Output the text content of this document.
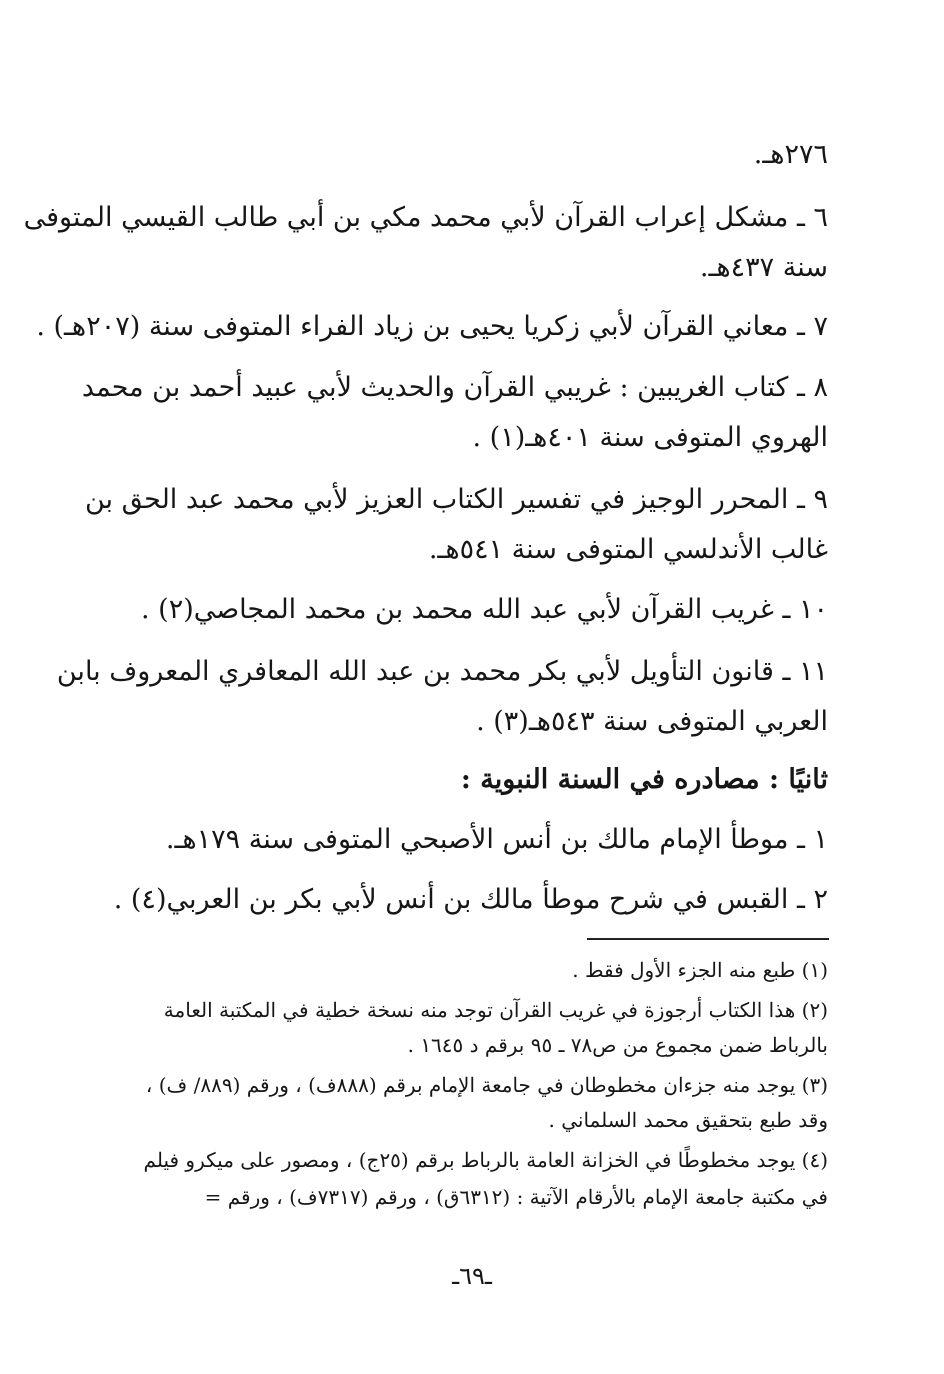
٢٧٦هـ.
٦ ـ مشكل إعراب القرآن لأبي محمد مكي بن أبي طالب القيسي المتوفى
سنة ٤٣٧هـ.
٧ ـ معاني القرآن لأبي زكريا يحيى بن زياد الفراء المتوفى سنة (٢٠٧هـ) .
٨ ـ كتاب الغريبين : غريبي القرآن والحديث لأبي عبيد أحمد بن محمد
الهروي المتوفى سنة ٤٠١هـ(١) .
٩ ـ المحرر الوجيز في تفسير الكتاب العزيز لأبي محمد عبد الحق بن
غالب الأندلسي المتوفى سنة ٥٤١هـ.
١٠ ـ غريب القرآن لأبي عبد الله محمد بن محمد المجاصي(٢) .
١١ ـ قانون التأويل لأبي بكر محمد بن عبد الله المعافري المعروف بابن
العربي المتوفى سنة ٥٤٣هـ(٣) .
ثانيًا : مصادره في السنة النبوية :
١ ـ موطأ الإمام مالك بن أنس الأصبحي المتوفى سنة ١٧٩هـ.
٢ ـ القبس في شرح موطأ مالك بن أنس لأبي بكر بن العربي(٤) .
(١) طبع منه الجزء الأول فقط .
(٢) هذا الكتاب أرجوزة في غريب القرآن توجد منه نسخة خطية في المكتبة العامة
بالرباط ضمن مجموع من ص٧٨ ـ ٩٥ برقم د ١٦٤٥ .
(٣) يوجد منه جزءان مخطوطان في جامعة الإمام برقم (٨٨٨ف) ، ورقم (٨٨٩/ ف) ،
وقد طبع بتحقيق محمد السلماني .
(٤) يوجد مخطوطًا في الخزانة العامة بالرباط برقم (٢٥ج) ، ومصور على ميكرو فيلم
في مكتبة جامعة الإمام بالأرقام الآتية : (٦٣١٢ق) ، ورقم (٧٣١٧ف) ، ورقم =
ـ٦٩ـ
